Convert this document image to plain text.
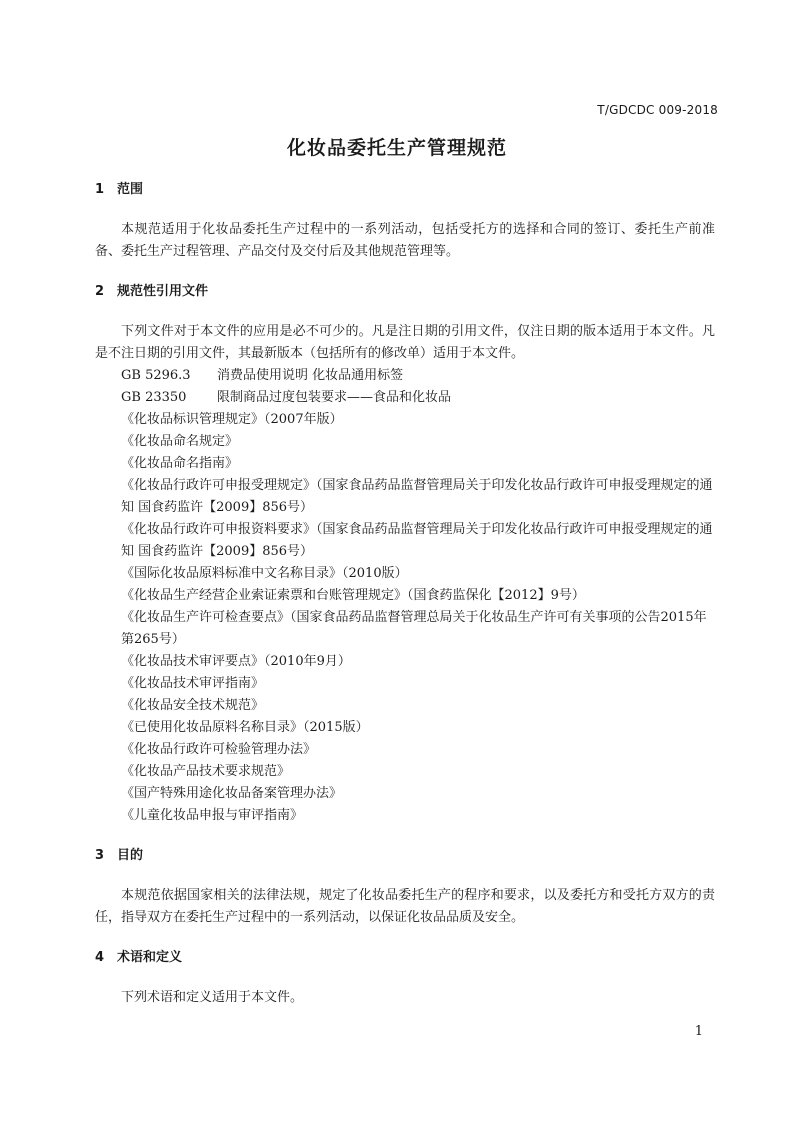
T/GDCDC 009-2018
化妆品委托生产管理规范
1 范围

本规范适用于化妆品委托生产过程中的一系列活动，包括受托方的选择和合同的签订、委托生产前准备、委托生产过程管理、产品交付及交付后及其他规范管理等。

2 规范性引用文件

下列文件对于本文件的应用是必不可少的。凡是注日期的引用文件，仅注日期的版本适用于本文件。凡是不注日期的引用文件，其最新版本（包括所有的修改单）适用于本文件。

GB 5296.3 消费品使用说明 化妆品通用标签

GB 23350 限制商品过度包装要求——食品和化妆品

《化妆品标识管理规定》（2007年版）

《化妆品命名规定》

《化妆品命名指南》

《化妆品行政许可申报受理规定》（国家食品药品监督管理局关于印发化妆品行政许可申报受理规定的通知 国食药监许【2009】856号）

《化妆品行政许可申报资料要求》（国家食品药品监督管理局关于印发化妆品行政许可申报受理规定的通知 国食药监许【2009】856号）

《国际化妆品原料标准中文名称目录》（2010版）

《化妆品生产经营企业索证索票和台账管理规定》（国食药监保化【2012】9号）

《化妆品生产许可检查要点》（国家食品药品监督管理总局关于化妆品生产许可有关事项的公告2015年第265号）

《化妆品技术审评要点》（2010年9月）

《化妆品技术审评指南》

《化妆品安全技术规范》

《已使用化妆品原料名称目录》（2015版）

《化妆品行政许可检验管理办法》

《化妆品产品技术要求规范》

《国产特殊用途化妆品备案管理办法》

《儿童化妆品申报与审评指南》

3 目的

本规范依据国家相关的法律法规，规定了化妆品委托生产的程序和要求，以及委托方和受托方双方的责任，指导双方在委托生产过程中的一系列活动，以保证化妆品品质及安全。

4 术语和定义

下列术语和定义适用于本文件。

1
